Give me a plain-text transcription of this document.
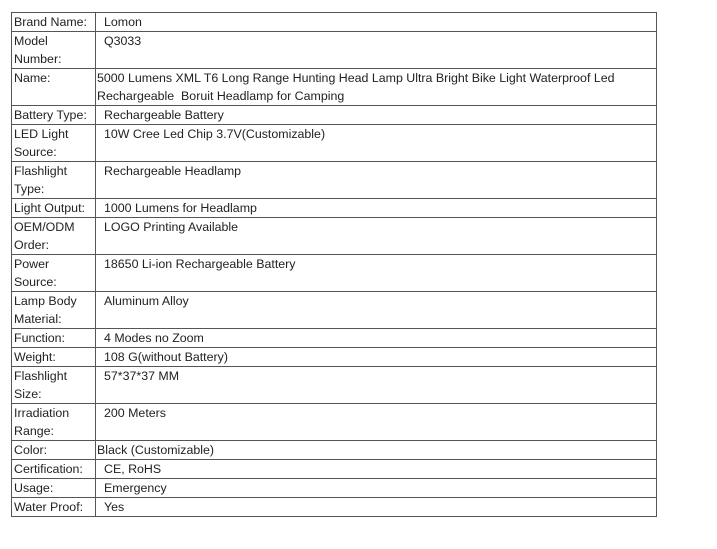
Brand Name:	Lomon
Model
Number:	Q3033
Name:	5000 Lumens XML T6 Long Range Hunting Head Lamp Ultra Bright Bike Light Waterproof Led Rechargeable  Boruit Headlamp for Camping
Battery Type:	Rechargeable Battery
LED Light
Source:	10W Cree Led Chip 3.7V(Customizable)
Flashlight
Type:	Rechargeable Headlamp
Light Output:	1000 Lumens for Headlamp
OEM/ODM
Order:	LOGO Printing Available
Power
Source:	18650 Li-ion Rechargeable Battery
Lamp Body
Material:	Aluminum Alloy
Function:	4 Modes no Zoom
Weight:	108 G(without Battery)
Flashlight
Size:	57*37*37 MM
Irradiation
Range:	200 Meters
Color:	Black (Customizable)
Certification:	CE, RoHS
Usage:	Emergency
Water Proof:	Yes
